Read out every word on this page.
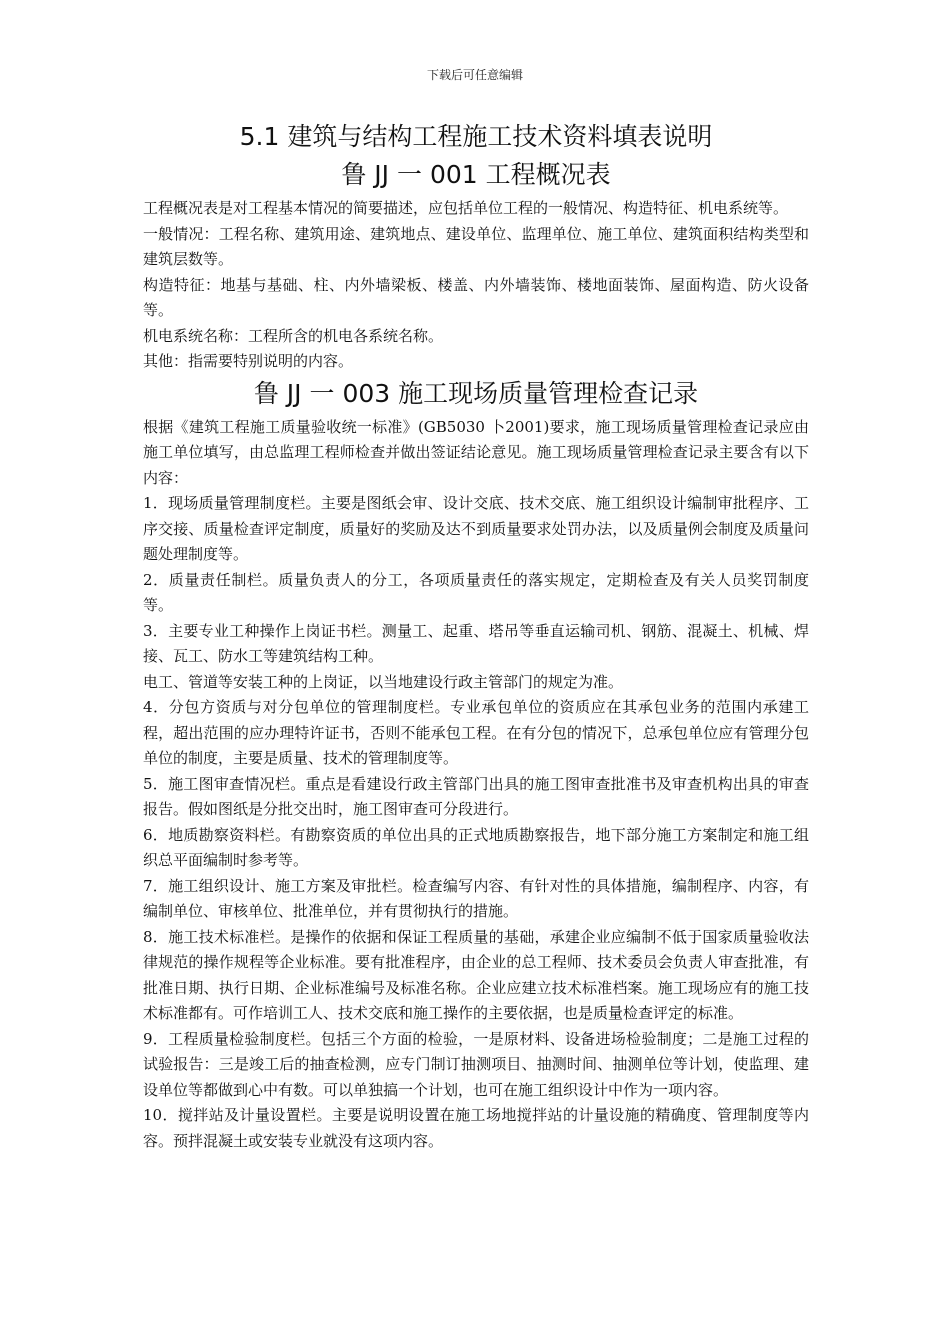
下载后可任意编辑
5.1 建筑与结构工程施工技术资料填表说明
鲁 JJ 一 001 工程概况表

工程概况表是对工程基本情况的简要描述，应包括单位工程的一般情况、构造特征、机电系统等。

一般情况：工程名称、建筑用途、建筑地点、建设单位、监理单位、施工单位、建筑面积结构类型和建筑层数等。

构造特征：地基与基础、柱、内外墙梁板、楼盖、内外墙装饰、楼地面装饰、屋面构造、防火设备等。

机电系统名称：工程所含的机电各系统名称。

其他：指需要特别说明的内容。

鲁 JJ 一 003 施工现场质量管理检查记录

根据《建筑工程施工质量验收统一标准》(GB5030 卜2001)要求，施工现场质量管理检查记录应由施工单位填写，由总监理工程师检查并做出签证结论意见。施工现场质量管理检查记录主要含有以下内容：

1．现场质量管理制度栏。主要是图纸会审、设计交底、技术交底、施工组织设计编制审批程序、工序交接、质量检查评定制度，质量好的奖励及达不到质量要求处罚办法，以及质量例会制度及质量问题处理制度等。

2．质量责任制栏。质量负责人的分工，各项质量责任的落实规定，定期检查及有关人员奖罚制度等。

3．主要专业工种操作上岗证书栏。测量工、起重、塔吊等垂直运输司机、钢筋、混凝土、机械、焊接、瓦工、防水工等建筑结构工种。

电工、管道等安装工种的上岗证，以当地建设行政主管部门的规定为准。

4．分包方资质与对分包单位的管理制度栏。专业承包单位的资质应在其承包业务的范围内承建工程，超出范围的应办理特许证书，否则不能承包工程。在有分包的情况下，总承包单位应有管理分包单位的制度，主要是质量、技术的管理制度等。

5．施工图审查情况栏。重点是看建设行政主管部门出具的施工图审查批准书及审查机构出具的审查报告。假如图纸是分批交出时，施工图审查可分段进行。

6．地质勘察资料栏。有勘察资质的单位出具的正式地质勘察报告，地下部分施工方案制定和施工组织总平面编制时参考等。

7．施工组织设计、施工方案及审批栏。检查编写内容、有针对性的具体措施，编制程序、内容，有编制单位、审核单位、批准单位，并有贯彻执行的措施。

8．施工技术标准栏。是操作的依据和保证工程质量的基础，承建企业应编制不低于国家质量验收法律规范的操作规程等企业标准。要有批准程序，由企业的总工程师、技术委员会负责人审查批准，有批准日期、执行日期、企业标准编号及标准名称。企业应建立技术标准档案。施工现场应有的施工技术标准都有。可作培训工人、技术交底和施工操作的主要依据，也是质量检查评定的标准。

9．工程质量检验制度栏。包括三个方面的检验，一是原材料、设备进场检验制度；二是施工过程的试验报告：三是竣工后的抽查检测，应专门制订抽测项目、抽测时间、抽测单位等计划，使监理、建设单位等都做到心中有数。可以单独搞一个计划，也可在施工组织设计中作为一项内容。

10．搅拌站及计量设置栏。主要是说明设置在施工场地搅拌站的计量设施的精确度、管理制度等内容。预拌混凝土或安装专业就没有这项内容。
